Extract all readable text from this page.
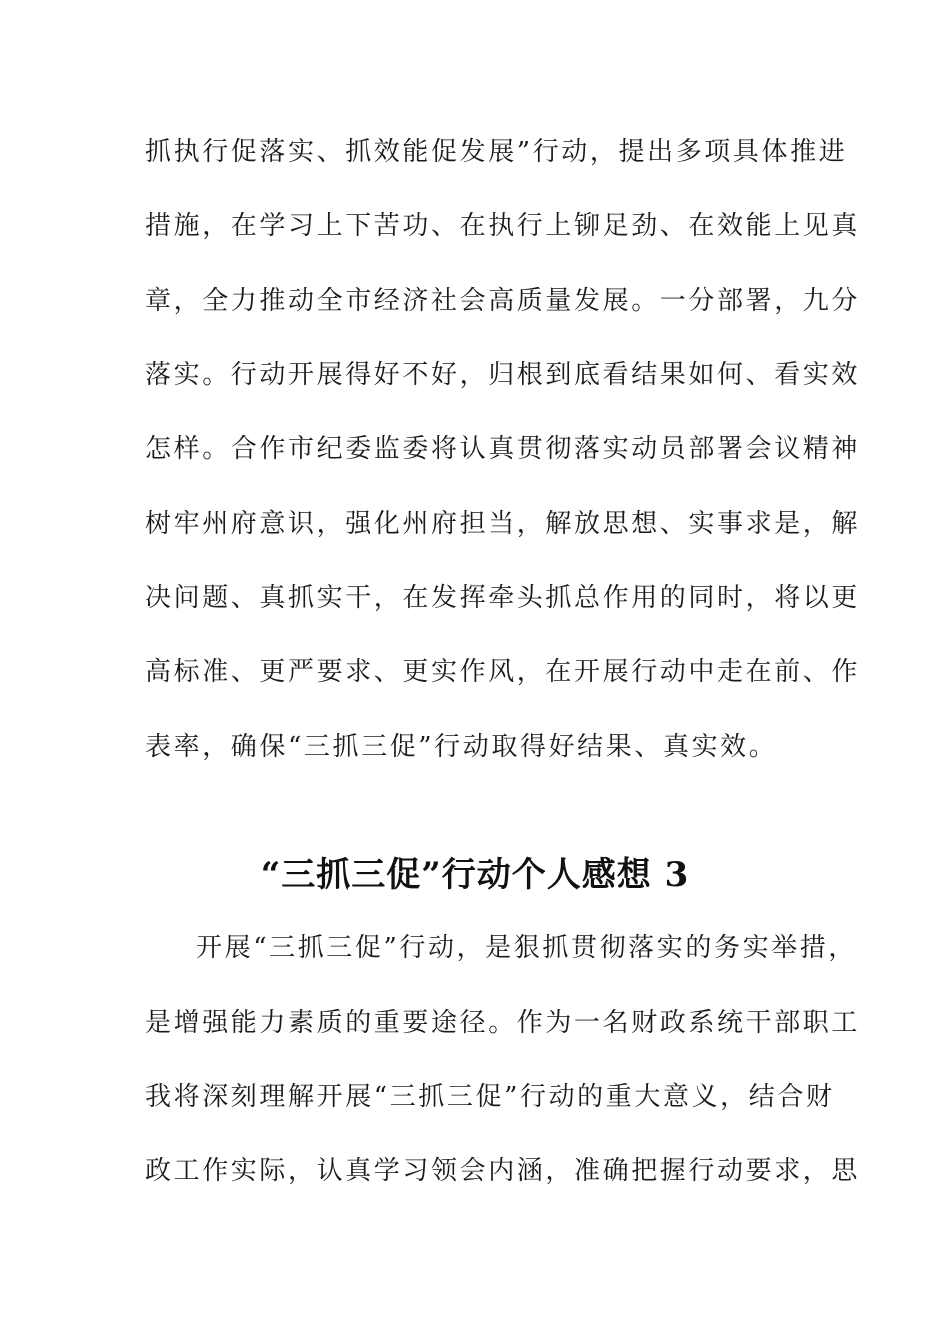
抓执行促落实、抓效能促发展”行动，提出多项具体推进

措施，在学习上下苦功、在执行上铆足劲、在效能上见真

章，全力推动全市经济社会高质量发展。一分部署，九分

落实。行动开展得好不好，归根到底看结果如何、看实效

怎样。合作市纪委监委将认真贯彻落实动员部署会议精神

树牢州府意识，强化州府担当，解放思想、实事求是，解

决问题、真抓实干，在发挥牵头抓总作用的同时，将以更

高标准、更严要求、更实作风，在开展行动中走在前、作

表率，确保“三抓三促”行动取得好结果、真实效。

“三抓三促”行动个人感想 3

开展“三抓三促”行动，是狠抓贯彻落实的务实举措，

是增强能力素质的重要途径。作为一名财政系统干部职工

我将深刻理解开展“三抓三促”行动的重大意义，结合财

政工作实际，认真学习领会内涵，准确把握行动要求，思
